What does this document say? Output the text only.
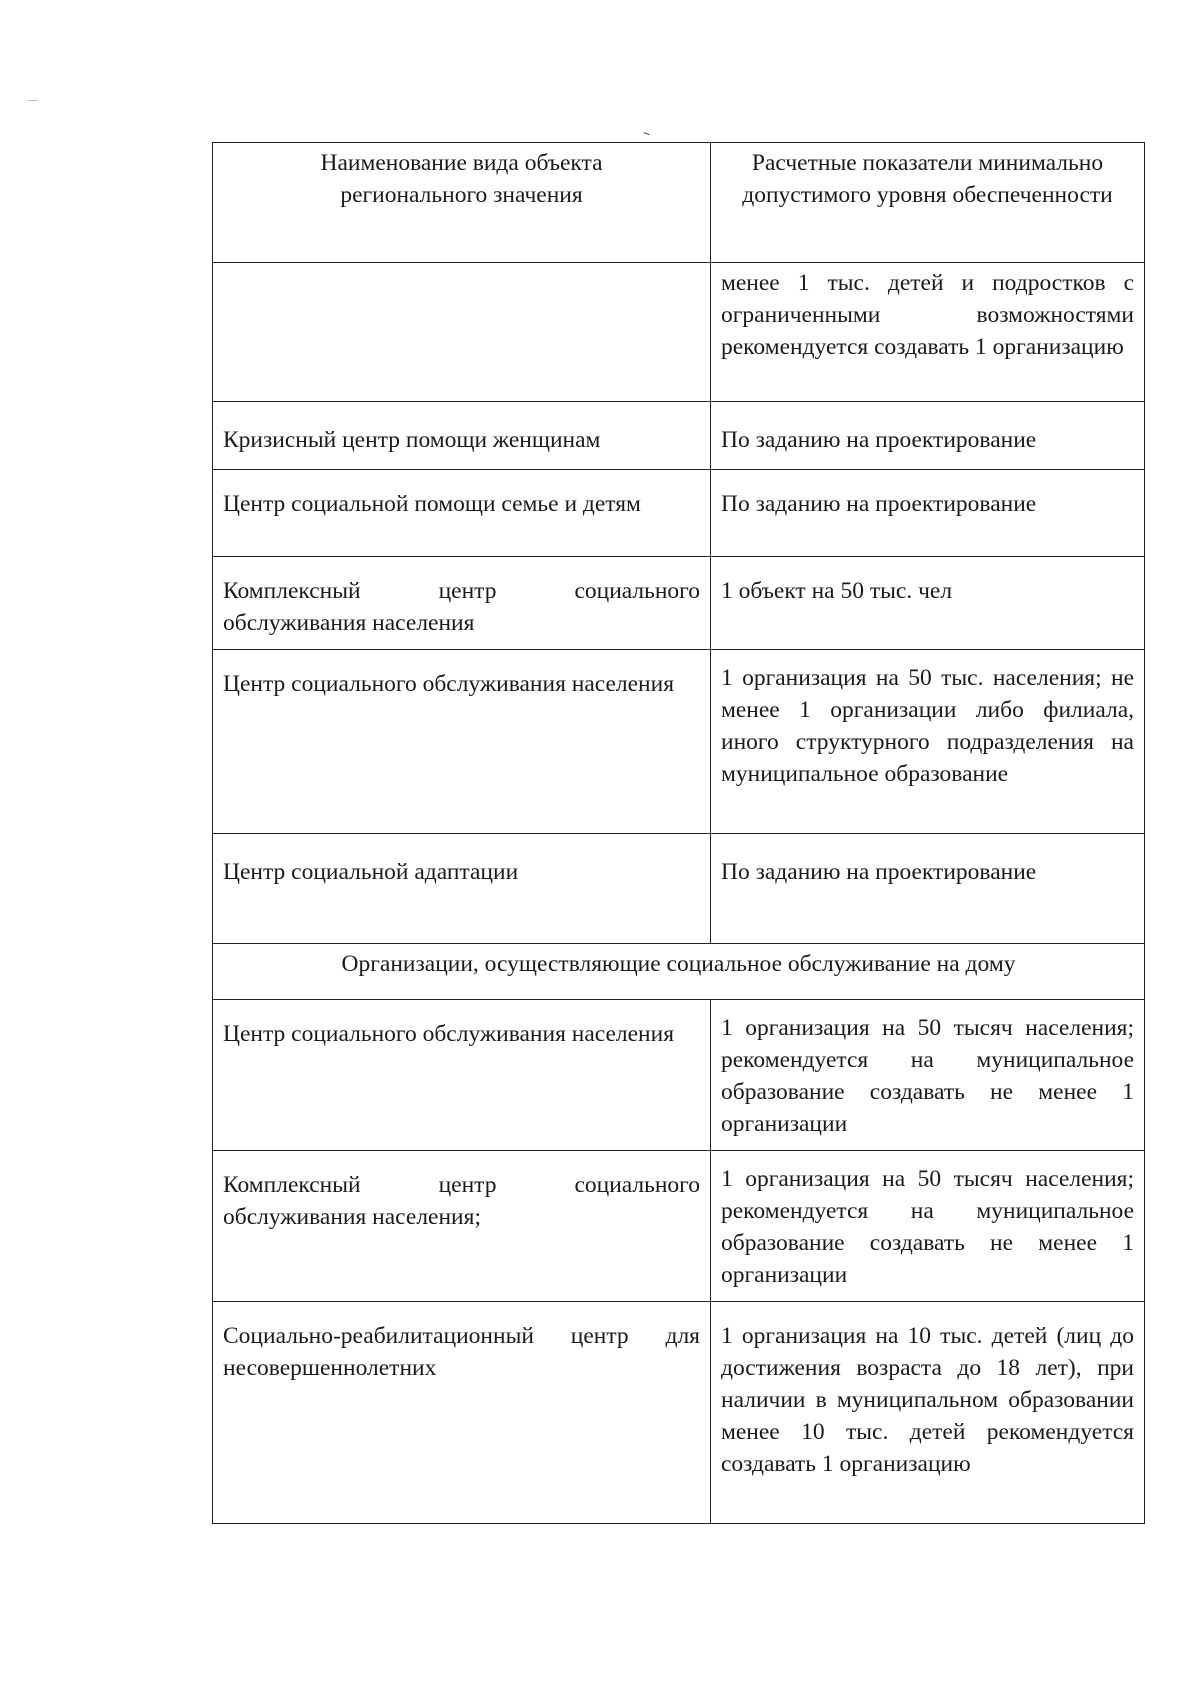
Наименование вида объекта регионального значения	Расчетные показатели минимально допустимого уровня обеспеченности
	менее 1 тыс. детей и подростков с ограниченными возможностями рекомендуется создавать 1 организацию
Кризисный центр помощи женщинам	По заданию на проектирование
Центр социальной помощи семье и детям	По заданию на проектирование
Комплексный центр социального обслуживания населения	1 объект на 50 тыс. чел
Центр социального обслуживания населения	1 организация на 50 тыс. населения; не менее 1 организации либо филиала, иного структурного подразделения на муниципальное образование
Центр социальной адаптации	По заданию на проектирование
Организации, осуществляющие социальное обслуживание на дому	
Центр социального обслуживания населения	1 организация на 50 тысяч населения; рекомендуется на муниципальное образование создавать не менее 1 организации
Комплексный центр социального обслуживания населения;	1 организация на 50 тысяч населения; рекомендуется на муниципальное образование создавать не менее 1 организации
Социально-реабилитационный центр для несовершеннолетних	1 организация на 10 тыс. детей (лиц до достижения возраста до 18 лет), при наличии в муниципальном образовании менее 10 тыс. детей рекомендуется создавать 1 организацию
